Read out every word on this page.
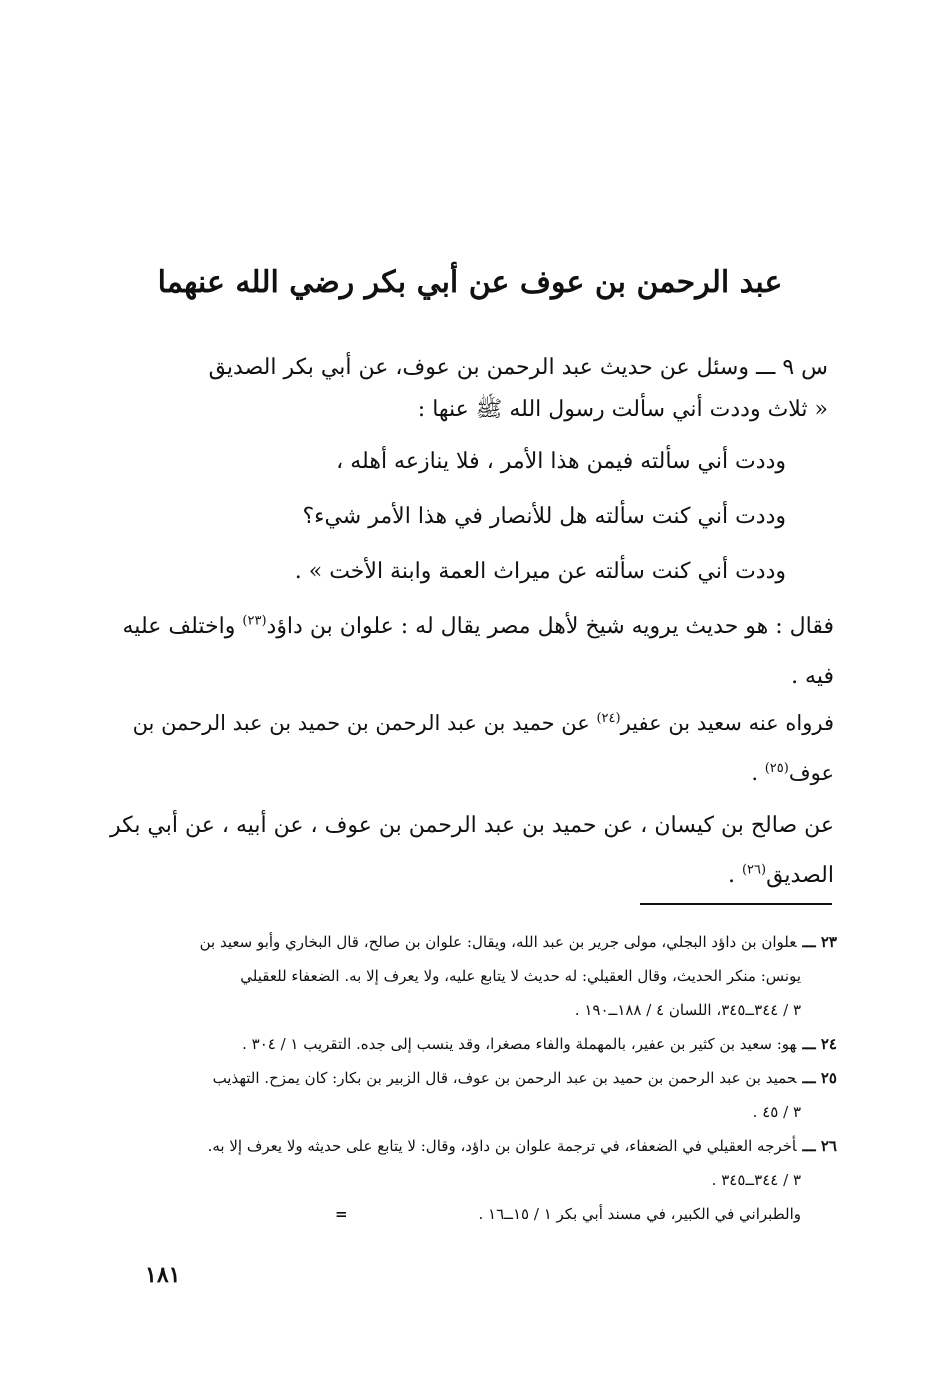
عبد الرحمن بن عوف عن أبي بكر رضي الله عنهما

س ٩ ـــ وسئل عن حديث عبد الرحمن بن عوف، عن أبي بكر الصديق

« ثلاث وددت أني سألت رسول الله ﷺ عنها :

وددت أني سألته فيمن هذا الأمر ، فلا ينازعه أهله ،

وددت أني كنت سألته هل للأنصار في هذا الأمر شيء؟

وددت أني كنت سألته عن ميراث العمة وابنة الأخت » .

فقال : هو حديث يرويه شيخ لأهل مصر يقال له : علوان بن داؤد$^{(٢٣)}$ واختلف عليه

فيه .

فرواه عنه سعيد بن عفير$^{(٢٤)}$ عن حميد بن عبد الرحمن بن حميد بن عبد الرحمن بن

عوف$^{(٢٥)}$ .

عن صالح بن كيسان ، عن حميد بن عبد الرحمن بن عوف ، عن أبيه ، عن أبي بكر

الصديق$^{(٢٦)}$ .

٢٣ ـــعلوان بن داؤد البجلي، مولى جرير بن عبد الله، ويقال: علوان بن صالح، قال البخاري وأبو سعيد بن
يونس: منكر الحديث، وقال العقيلي: له حديث لا يتابع عليه، ولا يعرف إلا به. الضعفاء للعقيلي
٣ / ٣٤٤ــ٣٤٥، اللسان ٤ / ١٨٨ــ١٩٠ .
٢٤ ـــهو: سعيد بن كثير بن عفير، بالمهملة والفاء مصغرا، وقد ينسب إلى جده. التقريب ١ / ٣٠٤ .
٢٥ ـــحميد بن عبد الرحمن بن حميد بن عبد الرحمن بن عوف، قال الزبير بن بكار: كان يمزح. التهذيب
٣ / ٤٥ .
٢٦ ـــأخرجه العقيلي في الضعفاء، في ترجمة علوان بن داؤد، وقال: لا يتابع على حديثه ولا يعرف إلا به.
٣ / ٣٤٤ــ٣٤٥ .
والطبراني في الكبير، في مسند أبي بكر ١ / ١٥ــ١٦ .
=
١٨١
